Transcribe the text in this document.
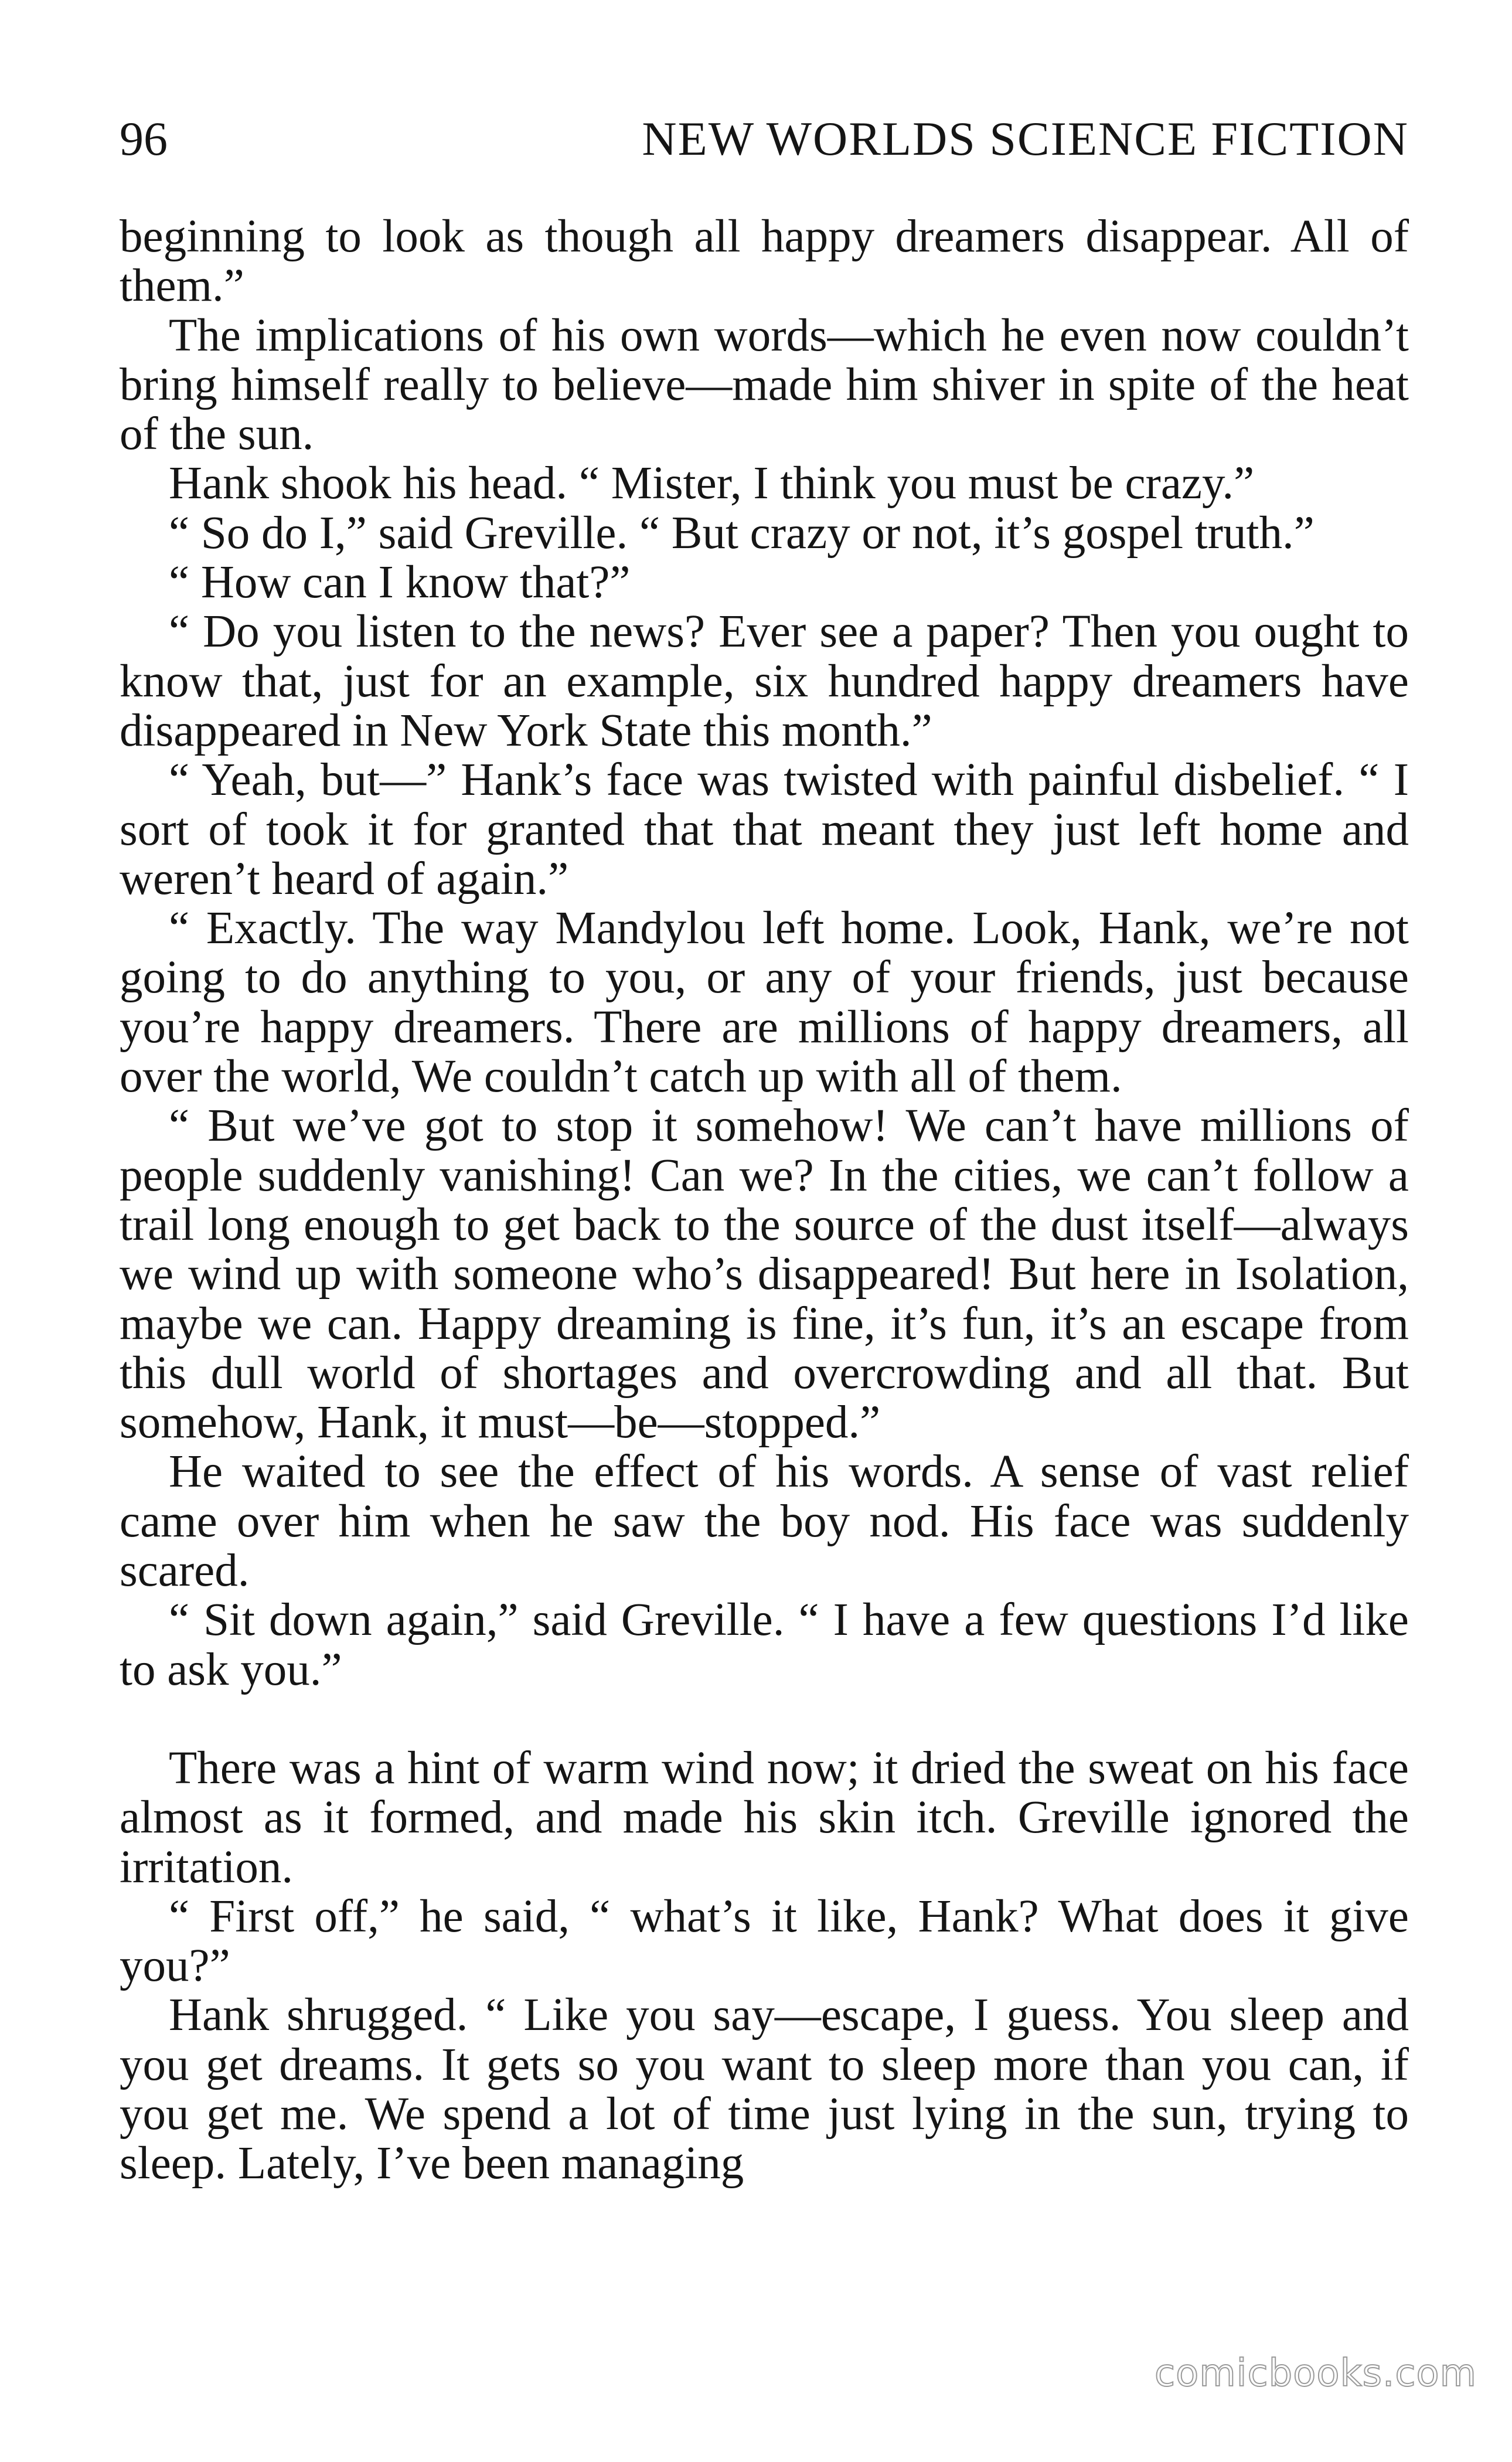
96	NEW WORLDS SCIENCE FICTION

beginning to look as though all happy dreamers disappear. All of them.”

The implications of his own words—which he even now couldn’t bring himself really to believe—made him shiver in spite of the heat of the sun.

Hank shook his head. “ Mister, I think you must be crazy.”

“ So do I,” said Greville. “ But crazy or not, it’s gospel truth.”

“ How can I know that?”

“ Do you listen to the news? Ever see a paper? Then you ought to know that, just for an example, six hundred happy dreamers have disappeared in New York State this month.”

“ Yeah, but—” Hank’s face was twisted with painful disbelief. “ I sort of took it for granted that that meant they just left home and weren’t heard of again.”

“ Exactly. The way Mandylou left home. Look, Hank, we’re not going to do anything to you, or any of your friends, just because you’re happy dreamers. There are millions of happy dreamers, all over the world, We couldn’t catch up with all of them.

“ But we’ve got to stop it somehow! We can’t have millions of people suddenly vanishing! Can we? In the cities, we can’t follow a trail long enough to get back to the source of the dust itself—always we wind up with someone who’s disappeared! But here in Isolation, maybe we can. Happy dreaming is fine, it’s fun, it’s an escape from this dull world of shortages and overcrowding and all that. But somehow, Hank, it must—be—stopped.”

He waited to see the effect of his words. A sense of vast relief came over him when he saw the boy nod. His face was suddenly scared.

“ Sit down again,” said Greville. “ I have a few questions I’d like to ask you.”

There was a hint of warm wind now; it dried the sweat on his face almost as it formed, and made his skin itch. Greville ignored the irritation.

“ First off,” he said, “ what’s it like, Hank? What does it give you?”

Hank shrugged. “ Like you say—escape, I guess. You sleep and you get dreams. It gets so you want to sleep more than you can, if you get me. We spend a lot of time just lying in the sun, trying to sleep. Lately, I’ve been managing

comicbooks.com
